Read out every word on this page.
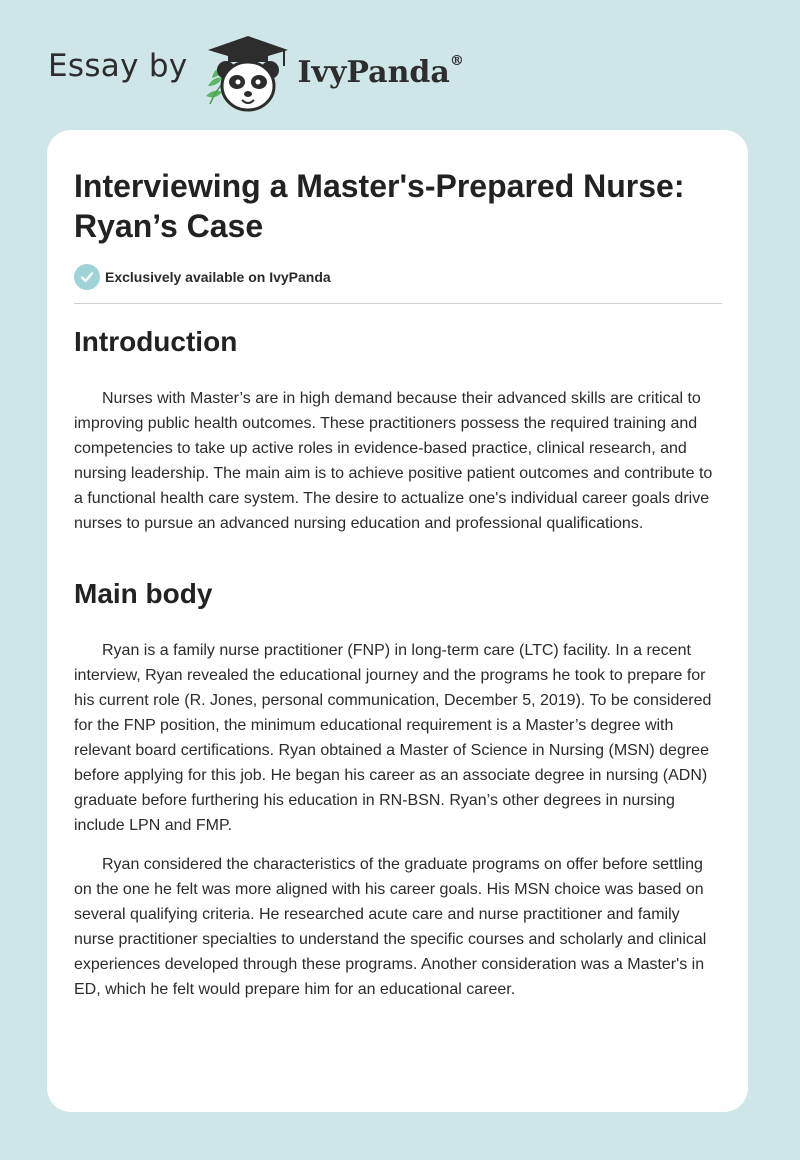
Essay by	IvyPanda®
Interviewing a Master's-Prepared Nurse: Ryan’s Case
Exclusively available on IvyPanda
Introduction

Nurses with Master’s are in high demand because their advanced skills are critical to improving public health outcomes. These practitioners possess the required training and competencies to take up active roles in evidence-based practice, clinical research, and nursing leadership. The main aim is to achieve positive patient outcomes and contribute to a functional health care system. The desire to actualize one's individual career goals drive nurses to pursue an advanced nursing education and professional qualifications.

Main body

Ryan is a family nurse practitioner (FNP) in long-term care (LTC) facility. In a recent interview, Ryan revealed the educational journey and the programs he took to prepare for his current role (R. Jones, personal communication, December 5, 2019). To be considered for the FNP position, the minimum educational requirement is a Master’s degree with relevant board certifications. Ryan obtained a Master of Science in Nursing (MSN) degree before applying for this job. He began his career as an associate degree in nursing (ADN) graduate before furthering his education in RN-BSN. Ryan’s other degrees in nursing include LPN and FMP.

Ryan considered the characteristics of the graduate programs on offer before settling on the one he felt was more aligned with his career goals. His MSN choice was based on several qualifying criteria. He researched acute care and nurse practitioner and family nurse practitioner specialties to understand the specific courses and scholarly and clinical experiences developed through these programs. Another consideration was a Master's in ED, which he felt would prepare him for an educational career.
